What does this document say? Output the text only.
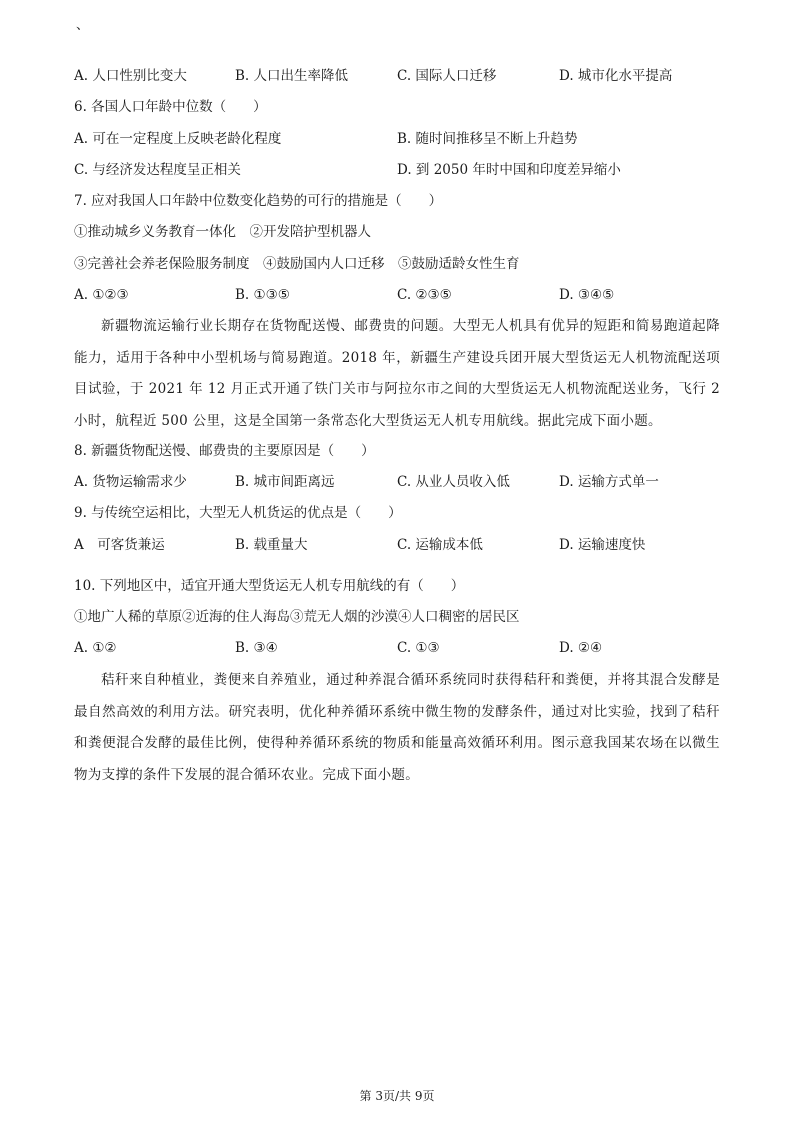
、
A. 人口性别比变大	B. 人口出生率降低	C. 国际人口迁移	D. 城市化水平提高
6. 各国人口年龄中位数（　　）
A. 可在一定程度上反映老龄化程度	B. 随时间推移呈不断上升趋势
C. 与经济发达程度呈正相关	D. 到 2050 年时中国和印度差异缩小
7. 应对我国人口年龄中位数变化趋势的可行的措施是（　　）
①推动城乡义务教育一体化　②开发陪护型机器人
③完善社会养老保险服务制度　④鼓励国内人口迁移　⑤鼓励适龄女性生育
A. ①②③	B. ①③⑤	C. ②③⑤	D. ③④⑤

新疆物流运输行业长期存在货物配送慢、邮费贵的问题。大型无人机具有优异的短距和简易跑道起降能力，适用于各种中小型机场与简易跑道。2018 年，新疆生产建设兵团开展大型货运无人机物流配送项目试验，于 2021 年 12 月正式开通了铁门关市与阿拉尔市之间的大型货运无人机物流配送业务，飞行 2 小时，航程近 500 公里，这是全国第一条常态化大型货运无人机专用航线。据此完成下面小题。

8. 新疆货物配送慢、邮费贵的主要原因是（　　）
A. 货物运输需求少	B. 城市间距离远	C. 从业人员收入低	D. 运输方式单一
9. 与传统空运相比，大型无人机货运的优点是（　　）
A　可客货兼运	B. 载重量大	C. 运输成本低	D. 运输速度快
10. 下列地区中，适宜开通大型货运无人机专用航线的有（　　）
①地广人稀的草原②近海的住人海岛③荒无人烟的沙漠④人口稠密的居民区
A. ①②	B. ③④	C. ①③	D. ②④

秸秆来自种植业，粪便来自养殖业，通过种养混合循环系统同时获得秸秆和粪便，并将其混合发酵是最自然高效的利用方法。研究表明，优化种养循环系统中微生物的发酵条件，通过对比实验，找到了秸秆和粪便混合发酵的最佳比例，使得种养循环系统的物质和能量高效循环利用。图示意我国某农场在以微生物为支撑的条件下发展的混合循环农业。完成下面小题。

第 3页/共 9页
